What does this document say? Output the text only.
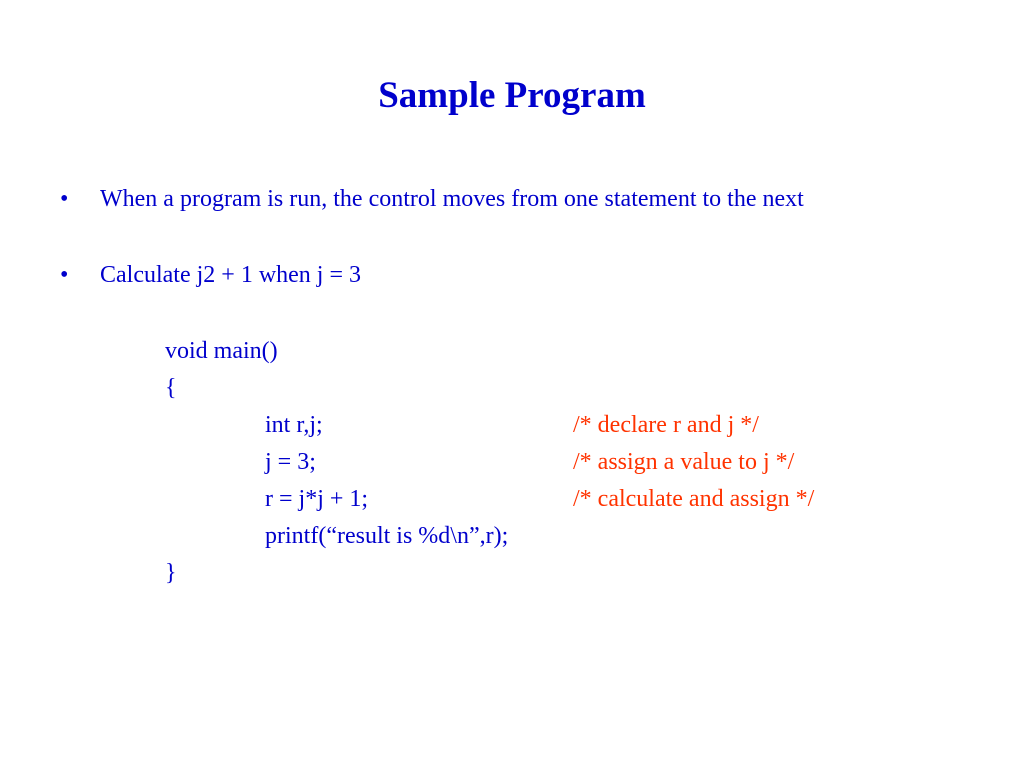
Sample Program
• When a program is run, the control moves from one statement to the next
• Calculate j2 + 1 when j = 3
void main()
{
int r,j;	/* declare r and j */
j = 3;	/* assign a value to j */
r = j*j + 1;	/* calculate and assign */
printf(“result is %d\n”,r);
}
